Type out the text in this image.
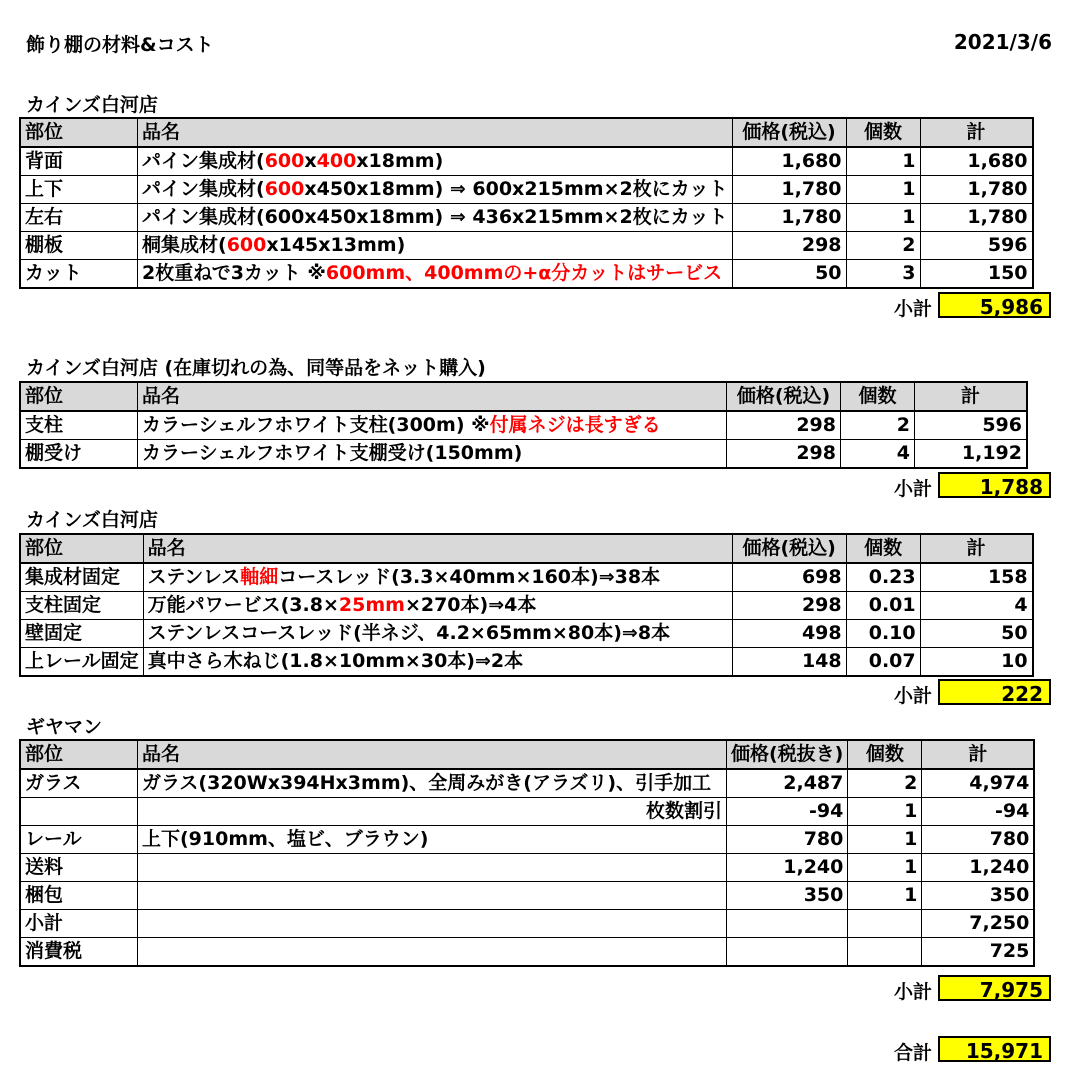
飾り棚の材料&コスト	2021/3/6
カインズ白河店
部位	品名	価格(税込)	個数	計
背面	パイン集成材(600x400x18mm)	1,680	1	1,680
上下	パイン集成材(600x450x18mm) ⇒ 600x215mm×2枚にカット	1,780	1	1,780
左右	パイン集成材(600x450x18mm) ⇒ 436x215mm×2枚にカット	1,780	1	1,780
棚板	桐集成材(600x145x13mm)	298	2	596
カット	2枚重ねで3カット ※600mm、400mmの+α分カットはサービス	50	3	150
小計	5,986
カインズ白河店 (在庫切れの為、同等品をネット購入)
部位	品名	価格(税込)	個数	計
支柱	カラーシェルフホワイト支柱(300m) ※付属ネジは長すぎる	298	2	596
棚受け	カラーシェルフホワイト支棚受け(150mm)	298	4	1,192
小計	1,788
カインズ白河店
部位	品名	価格(税込)	個数	計
集成材固定	ステンレス軸細コースレッド(3.3×40mm×160本)⇒38本	698	0.23	158
支柱固定	万能パワービス(3.8×25mm×270本)⇒4本	298	0.01	4
壁固定	ステンレスコースレッド(半ネジ、4.2×65mm×80本)⇒8本	498	0.10	50
上レール固定	真中さら木ねじ(1.8×10mm×30本)⇒2本	148	0.07	10
小計	222
ギヤマン
部位	品名	価格(税抜き)	個数	計
ガラス	ガラス(320Wx394Hx3mm)、全周みがき(アラズリ)、引手加工	2,487	2	4,974
	枚数割引	-94	1	-94
レール	上下(910mm、塩ビ、ブラウン)	780	1	780
送料		1,240	1	1,240
梱包		350	1	350
小計				7,250
消費税				725
小計	7,975
合計	15,971
